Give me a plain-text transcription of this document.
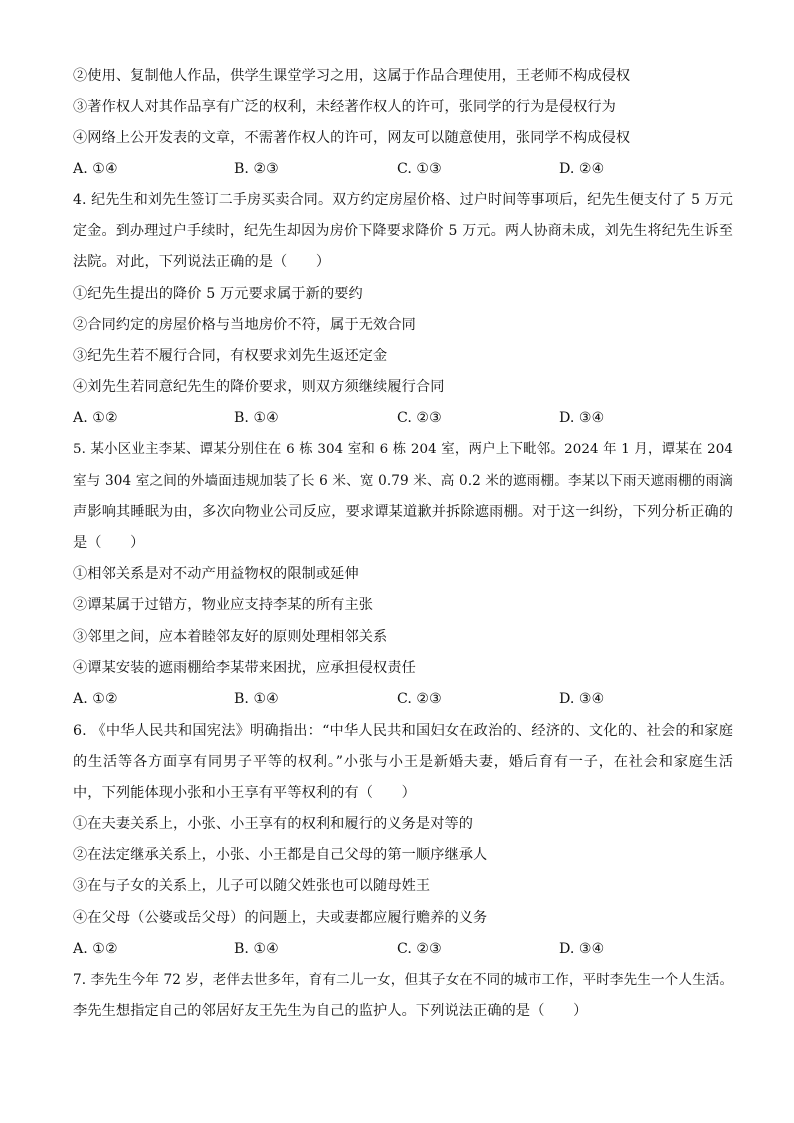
②使用、复制他人作品，供学生课堂学习之用，这属于作品合理使用，王老师不构成侵权
③著作权人对其作品享有广泛的权利，未经著作权人的许可，张同学的行为是侵权行为
④网络上公开发表的文章，不需著作权人的许可，网友可以随意使用，张同学不构成侵权
A. ①④	B. ②③	C. ①③	D. ②④
4. 纪先生和刘先生签订二手房买卖合同。双方约定房屋价格、过户时间等事项后，纪先生便支付了 5 万元
定金。到办理过户手续时，纪先生却因为房价下降要求降价 5 万元。两人协商未成，刘先生将纪先生诉至
法院。对此，下列说法正确的是（　　）
①纪先生提出的降价 5 万元要求属于新的要约
②合同约定的房屋价格与当地房价不符，属于无效合同
③纪先生若不履行合同，有权要求刘先生返还定金
④刘先生若同意纪先生的降价要求，则双方须继续履行合同
A. ①②	B. ①④	C. ②③	D. ③④
5. 某小区业主李某、谭某分别住在 6 栋 304 室和 6 栋 204 室，两户上下毗邻。2024 年 1 月，谭某在 204
室与 304 室之间的外墙面违规加装了长 6 米、宽 0.79 米、高 0.2 米的遮雨棚。李某以下雨天遮雨棚的雨滴
声影响其睡眠为由，多次向物业公司反应，要求谭某道歉并拆除遮雨棚。对于这一纠纷，下列分析正确的
是（　　）
①相邻关系是对不动产用益物权的限制或延伸
②谭某属于过错方，物业应支持李某的所有主张
③邻里之间，应本着睦邻友好的原则处理相邻关系
④谭某安装的遮雨棚给李某带来困扰，应承担侵权责任
A. ①②	B. ①④	C. ②③	D. ③④
6. 《中华人民共和国宪法》明确指出：“中华人民共和国妇女在政治的、经济的、文化的、社会的和家庭
的生活等各方面享有同男子平等的权利。”小张与小王是新婚夫妻，婚后育有一子，在社会和家庭生活
中，下列能体现小张和小王享有平等权利的有（　　）
①在夫妻关系上，小张、小王享有的权利和履行的义务是对等的
②在法定继承关系上，小张、小王都是自己父母的第一顺序继承人
③在与子女的关系上，儿子可以随父姓张也可以随母姓王
④在父母（公婆或岳父母）的问题上，夫或妻都应履行赡养的义务
A. ①②	B. ①④	C. ②③	D. ③④
7. 李先生今年 72 岁，老伴去世多年，育有二儿一女，但其子女在不同的城市工作，平时李先生一个人生活。
李先生想指定自己的邻居好友王先生为自己的监护人。下列说法正确的是（　　）
